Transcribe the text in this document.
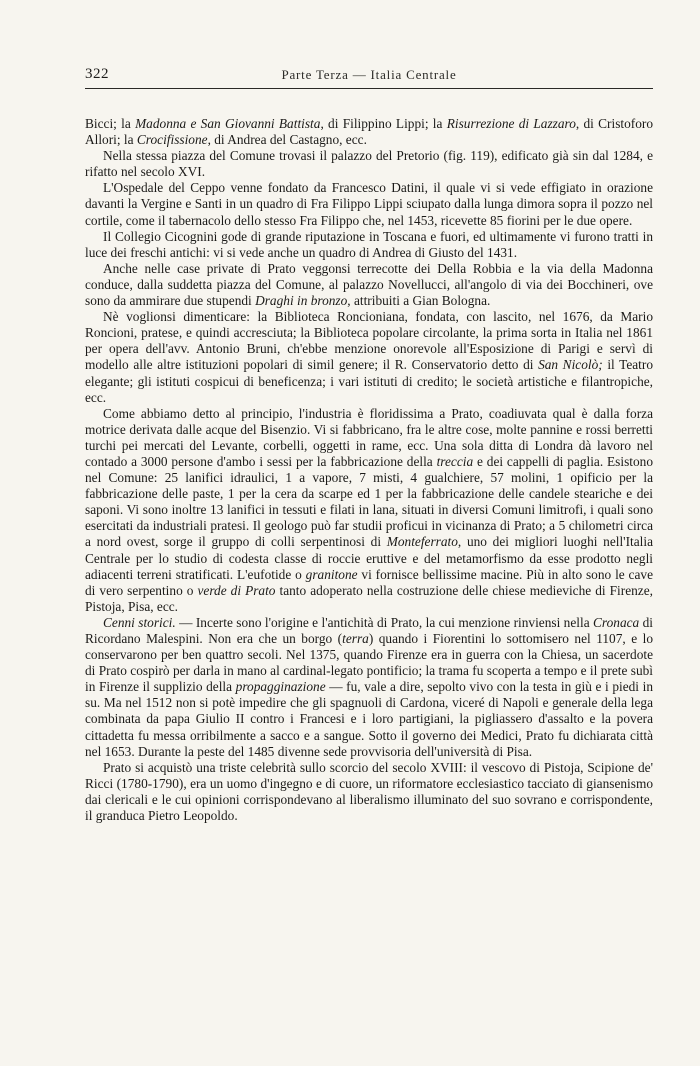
322	Parte Terza — Italia Centrale

Bicci; la Madonna e San Giovanni Battista, di Filippino Lippi; la Risurrezione di Lazzaro, di Cristoforo Allori; la Crocifissione, di Andrea del Castagno, ecc.

Nella stessa piazza del Comune trovasi il palazzo del Pretorio (fig. 119), edificato già sin dal 1284, e rifatto nel secolo XVI.

L'Ospedale del Ceppo venne fondato da Francesco Datini, il quale vi si vede effigiato in orazione davanti la Vergine e Santi in un quadro di Fra Filippo Lippi sciupato dalla lunga dimora sopra il pozzo nel cortile, come il tabernacolo dello stesso Fra Filippo che, nel 1453, ricevette 85 fiorini per le due opere.

Il Collegio Cicognini gode di grande riputazione in Toscana e fuori, ed ultimamente vi furono tratti in luce dei freschi antichi: vi si vede anche un quadro di Andrea di Giusto del 1431.

Anche nelle case private di Prato veggonsi terrecotte dei Della Robbia e la via della Madonna conduce, dalla suddetta piazza del Comune, al palazzo Novellucci, all'angolo di via dei Bocchineri, ove sono da ammirare due stupendi Draghi in bronzo, attribuiti a Gian Bologna.

Nè voglionsi dimenticare: la Biblioteca Roncioniana, fondata, con lascito, nel 1676, da Mario Roncioni, pratese, e quindi accresciuta; la Biblioteca popolare circolante, la prima sorta in Italia nel 1861 per opera dell'avv. Antonio Bruni, ch'ebbe menzione onorevole all'Esposizione di Parigi e servì di modello alle altre istituzioni popolari di simil genere; il R. Conservatorio detto di San Nicolò; il Teatro elegante; gli istituti cospicui di beneficenza; i vari istituti di credito; le società artistiche e filantropiche, ecc.

Come abbiamo detto al principio, l'industria è floridissima a Prato, coadiuvata qual è dalla forza motrice derivata dalle acque del Bisenzio. Vi si fabbricano, fra le altre cose, molte pannine e rossi berretti turchi pei mercati del Levante, corbelli, oggetti in rame, ecc. Una sola ditta di Londra dà lavoro nel contado a 3000 persone d'ambo i sessi per la fabbricazione della treccia e dei cappelli di paglia. Esistono nel Comune: 25 lanifici idraulici, 1 a vapore, 7 misti, 4 gualchiere, 57 molini, 1 opificio per la fabbricazione delle paste, 1 per la cera da scarpe ed 1 per la fabbricazione delle candele steariche e dei saponi. Vi sono inoltre 13 lanifici in tessuti e filati in lana, situati in diversi Comuni limitrofi, i quali sono esercitati da industriali pratesi. Il geologo può far studii proficui in vicinanza di Prato; a 5 chilometri circa a nord ovest, sorge il gruppo di colli serpentinosi di Monteferrato, uno dei migliori luoghi nell'Italia Centrale per lo studio di codesta classe di roccie eruttive e del metamorfismo da esse prodotto negli adiacenti terreni stratificati. L'eufotide o granitone vi fornisce bellissime macine. Più in alto sono le cave di vero serpentino o verde di Prato tanto adoperato nella costruzione delle chiese medieviche di Firenze, Pistoja, Pisa, ecc.

Cenni storici. — Incerte sono l'origine e l'antichità di Prato, la cui menzione rinviensi nella Cronaca di Ricordano Malespini. Non era che un borgo (terra) quando i Fiorentini lo sottomisero nel 1107, e lo conservarono per ben quattro secoli. Nel 1375, quando Firenze era in guerra con la Chiesa, un sacerdote di Prato cospirò per darla in mano al cardinal-legato pontificio; la trama fu scoperta a tempo e il prete subì in Firenze il supplizio della propagginazione — fu, vale a dire, sepolto vivo con la testa in giù e i piedi in su. Ma nel 1512 non si potè impedire che gli spagnuoli di Cardona, viceré di Napoli e generale della lega combinata da papa Giulio II contro i Francesi e i loro partigiani, la pigliassero d'assalto e la povera cittadetta fu messa orribilmente a sacco e a sangue. Sotto il governo dei Medici, Prato fu dichiarata città nel 1653. Durante la peste del 1485 divenne sede provvisoria dell'università di Pisa.

Prato si acquistò una triste celebrità sullo scorcio del secolo XVIII: il vescovo di Pistoja, Scipione de' Ricci (1780-1790), era un uomo d'ingegno e di cuore, un riformatore ecclesiastico tacciato di giansenismo dai clericali e le cui opinioni corrispondevano al liberalismo illuminato del suo sovrano e corrispondente, il granduca Pietro Leopoldo.
